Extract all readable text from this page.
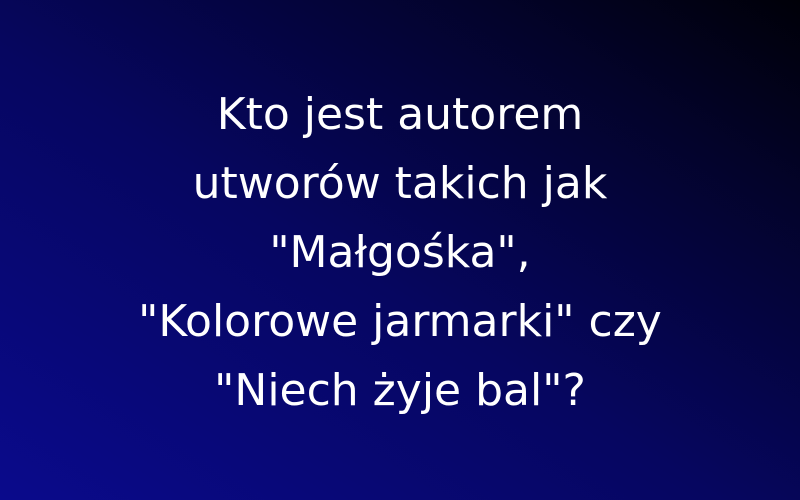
Kto jest autorem
utworów takich jak
"Małgośka",
"Kolorowe jarmarki" czy
"Niech żyje bal"?
